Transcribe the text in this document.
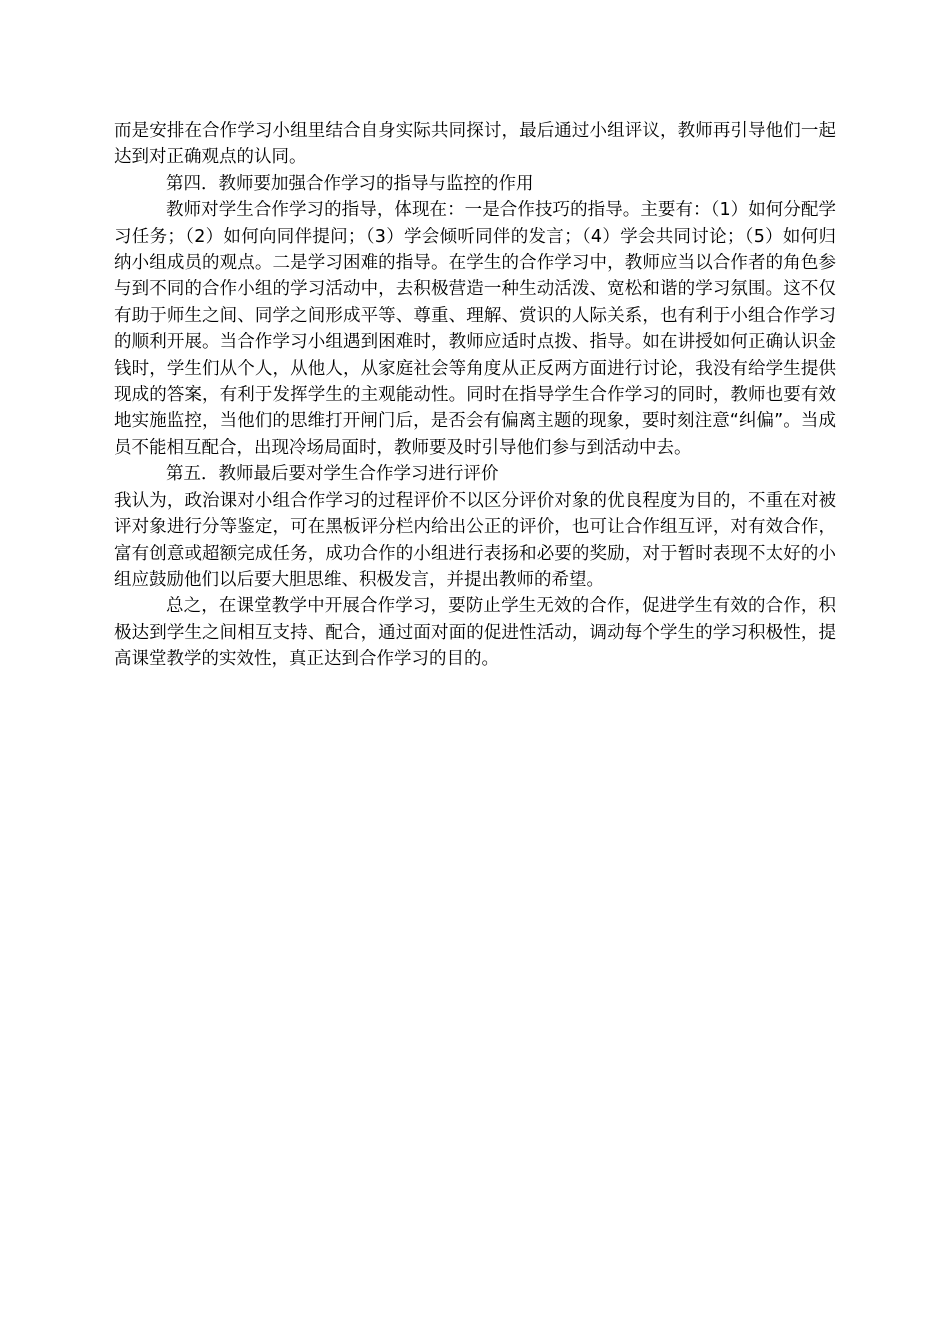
而是安排在合作学习小组里结合自身实际共同探讨，最后通过小组评议，教师再引导他们一起达到对正确观点的认同。

第四．教师要加强合作学习的指导与监控的作用

教师对学生合作学习的指导，体现在：一是合作技巧的指导。主要有：（1）如何分配学习任务；（2）如何向同伴提问；（3）学会倾听同伴的发言；（4）学会共同讨论；（5）如何归纳小组成员的观点。二是学习困难的指导。在学生的合作学习中，教师应当以合作者的角色参与到不同的合作小组的学习活动中，去积极营造一种生动活泼、宽松和谐的学习氛围。这不仅有助于师生之间、同学之间形成平等、尊重、理解、赏识的人际关系，也有利于小组合作学习的顺利开展。当合作学习小组遇到困难时，教师应适时点拨、指导。如在讲授如何正确认识金钱时，学生们从个人，从他人，从家庭社会等角度从正反两方面进行讨论，我没有给学生提供现成的答案，有利于发挥学生的主观能动性。同时在指导学生合作学习的同时，教师也要有效地实施监控，当他们的思维打开闸门后，是否会有偏离主题的现象，要时刻注意“纠偏”。当成员不能相互配合，出现冷场局面时，教师要及时引导他们参与到活动中去。

第五．教师最后要对学生合作学习进行评价

我认为，政治课对小组合作学习的过程评价不以区分评价对象的优良程度为目的，不重在对被评对象进行分等鉴定，可在黑板评分栏内给出公正的评价，也可让合作组互评，对有效合作，富有创意或超额完成任务，成功合作的小组进行表扬和必要的奖励，对于暂时表现不太好的小组应鼓励他们以后要大胆思维、积极发言，并提出教师的希望。

总之，在课堂教学中开展合作学习，要防止学生无效的合作，促进学生有效的合作，积极达到学生之间相互支持、配合，通过面对面的促进性活动，调动每个学生的学习积极性，提高课堂教学的实效性，真正达到合作学习的目的。
